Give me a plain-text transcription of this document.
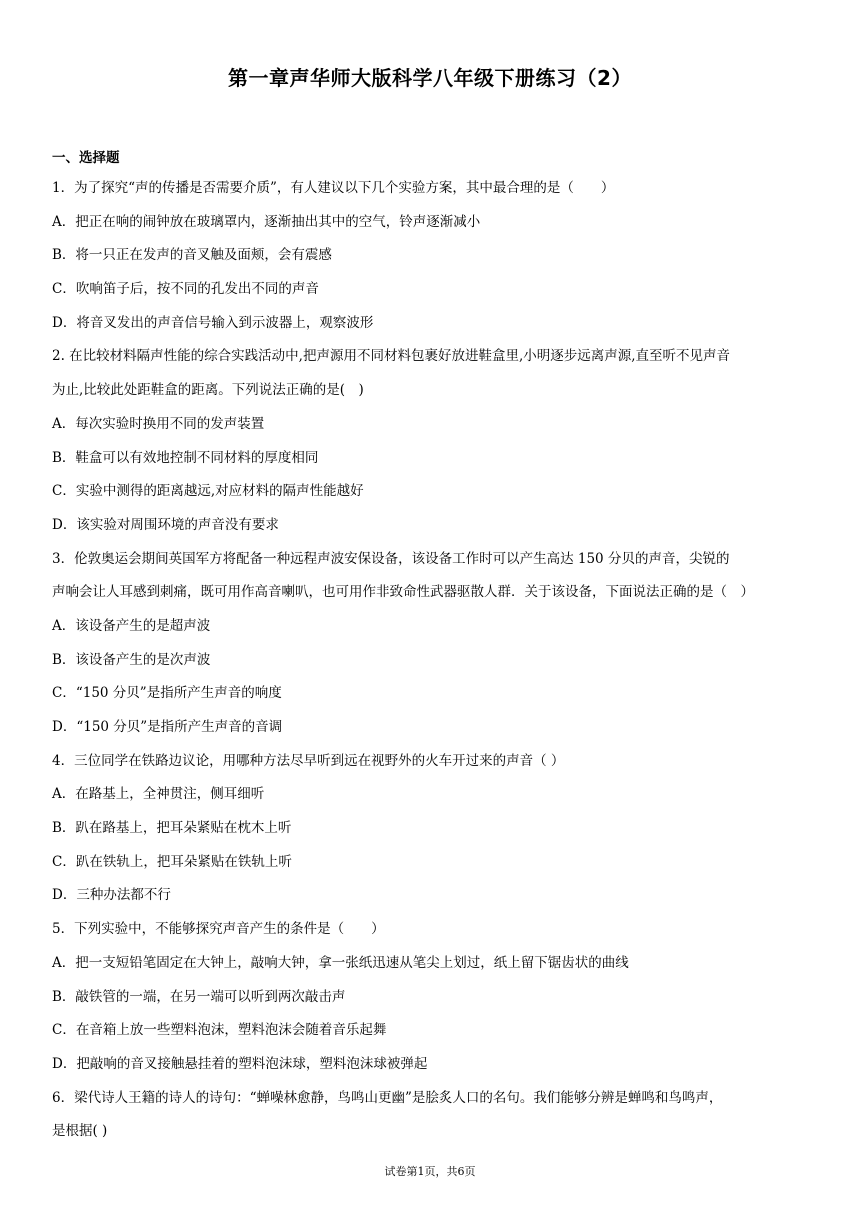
第一章声华师大版科学八年级下册练习（2）
一、选择题
1．为了探究“声的传播是否需要介质”，有人建议以下几个实验方案，其中最合理的是（　　）
A．把正在响的闹钟放在玻璃罩内，逐渐抽出其中的空气，铃声逐渐减小
B．将一只正在发声的音叉触及面颊，会有震感
C．吹响笛子后，按不同的孔发出不同的声音
D．将音叉发出的声音信号输入到示波器上，观察波形
2. 在比较材料隔声性能的综合实践活动中,把声源用不同材料包裹好放进鞋盒里,小明逐步远离声源,直至听不见声音
为止,比较此处距鞋盒的距离。下列说法正确的是(　)
A．每次实验时换用不同的发声装置
B．鞋盒可以有效地控制不同材料的厚度相同
C．实验中测得的距离越远,对应材料的隔声性能越好
D．该实验对周围环境的声音没有要求
3．伦敦奥运会期间英国军方将配备一种远程声波安保设备，该设备工作时可以产生高达 150 分贝的声音，尖锐的
声响会让人耳感到刺痛，既可用作高音喇叭，也可用作非致命性武器驱散人群．关于该设备，下面说法正确的是（　）
A．该设备产生的是超声波
B．该设备产生的是次声波
C．“150 分贝”是指所产生声音的响度
D．“150 分贝”是指所产生声音的音调
4．三位同学在铁路边议论，用哪种方法尽早听到远在视野外的火车开过来的声音（ ）
A．在路基上，全神贯注，侧耳细听
B．趴在路基上，把耳朵紧贴在枕木上听
C．趴在铁轨上，把耳朵紧贴在铁轨上听
D．三种办法都不行
5．下列实验中，不能够探究声音产生的条件是（　　）
A．把一支短铅笔固定在大钟上，敲响大钟，拿一张纸迅速从笔尖上划过，纸上留下锯齿状的曲线
B．敲铁管的一端，在另一端可以听到两次敲击声
C．在音箱上放一些塑料泡沫，塑料泡沫会随着音乐起舞
D．把敲响的音叉接触悬挂着的塑料泡沫球，塑料泡沫球被弹起
6．梁代诗人王籍的诗人的诗句：“蝉噪林愈静，鸟鸣山更幽”是脍炙人口的名句。我们能够分辨是蝉鸣和鸟鸣声，
是根据( )
试卷第1页，共6页
